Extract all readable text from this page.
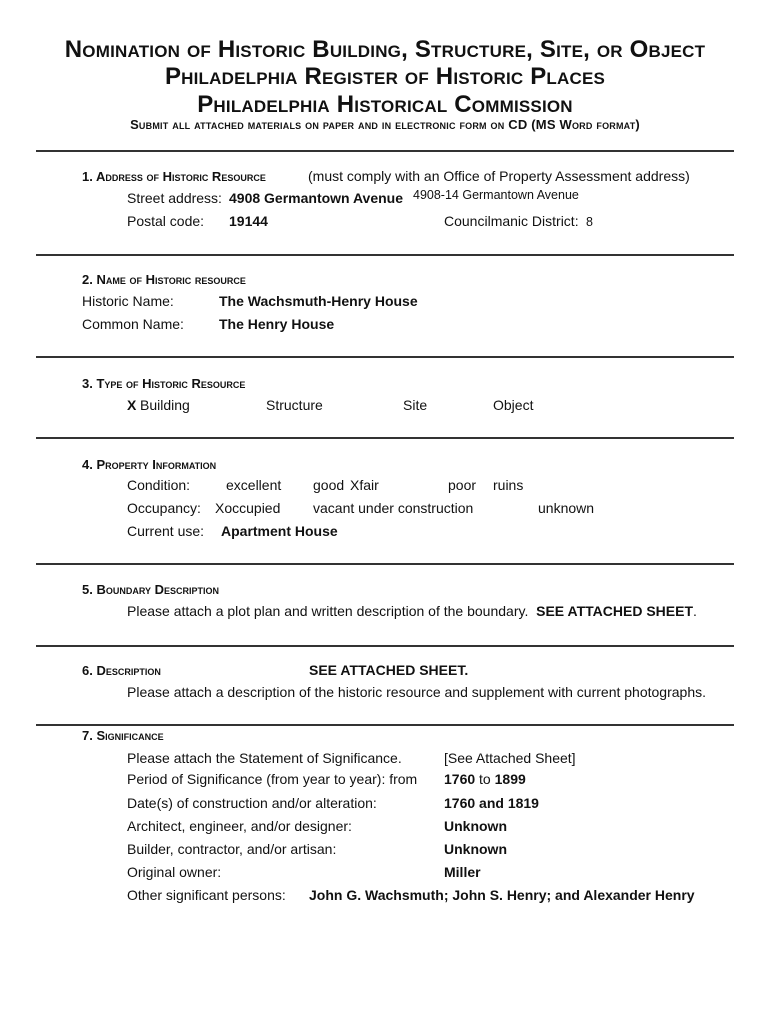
Nomination of Historic Building, Structure, Site, or Object
Philadelphia Register of Historic Places
Philadelphia Historical Commission
Submit all attached materials on paper and in electronic form on CD (MS Word format)
1. Address of Historic Resource	(must comply with an Office of Property Assessment address)
Street address: 4908 Germantown Avenue 4908-14 Germantown Avenue
Postal code: 19144	Councilmanic District: 8
2. Name of Historic resource
Historic Name:	The Wachsmuth-Henry House
Common Name:	The Henry House
3. Type of Historic Resource
X Building	Structure	Site	Object
4. Property Information
Condition:	excellent good Xfair	poor ruins
Occupancy: Xoccupied vacant under construction	unknown
Current use: Apartment House
5. Boundary Description
Please attach a plot plan and written description of the boundary. SEE ATTACHED SHEET.
6. Description	SEE ATTACHED SHEET.
Please attach a description of the historic resource and supplement with current photographs.
7. Significance
Please attach the Statement of Significance.	[See Attached Sheet]
Period of Significance (from year to year): from 1760 to 1899
Date(s) of construction and/or alteration:	1760 and 1819
Architect, engineer, and/or designer:	Unknown
Builder, contractor, and/or artisan:	Unknown
Original owner:	Miller
Other significant persons: John G. Wachsmuth; John S. Henry; and Alexander Henry
